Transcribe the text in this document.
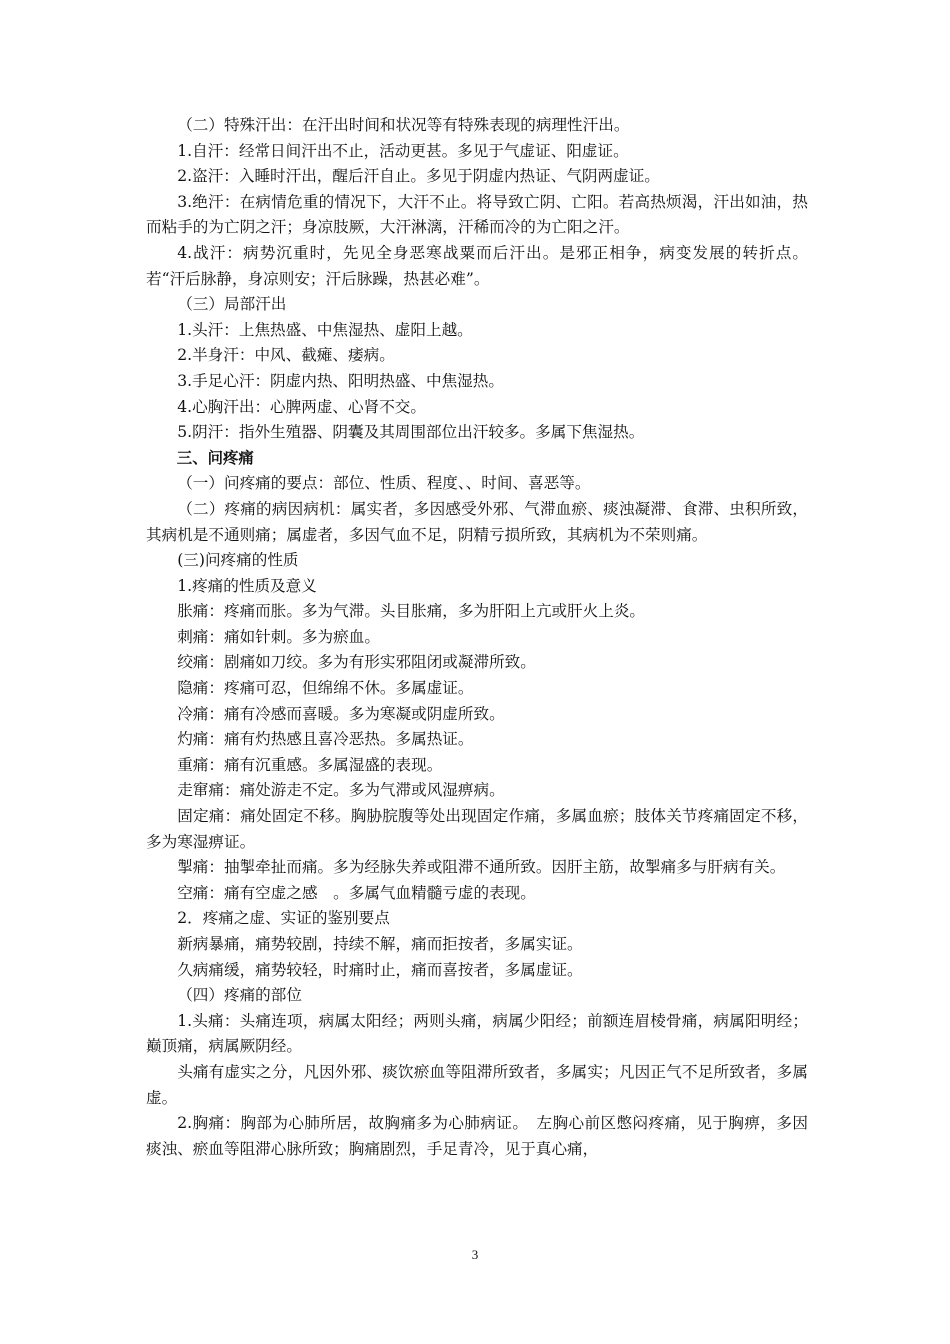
（二）特殊汗出：在汗出时间和状况等有特殊表现的病理性汗出。

1.自汗：经常日间汗出不止，活动更甚。多见于气虚证、阳虚证。

2.盗汗：入睡时汗出，醒后汗自止。多见于阴虚内热证、气阴两虚证。

3.绝汗：在病情危重的情况下，大汗不止。将导致亡阴、亡阳。若高热烦渴，汗出如油，热而粘手的为亡阴之汗；身凉肢厥，大汗淋漓，汗稀而冷的为亡阳之汗。

4.战汗：病势沉重时，先见全身恶寒战粟而后汗出。是邪正相争，病变发展的转折点。若“汗后脉静，身凉则安；汗后脉躁，热甚必难”。

（三）局部汗出

1.头汗：上焦热盛、中焦湿热、虚阳上越。

2.半身汗：中风、截瘫、痿病。

3.手足心汗：阴虚内热、阳明热盛、中焦湿热。

4.心胸汗出：心脾两虚、心肾不交。

5.阴汗：指外生殖器、阴囊及其周围部位出汗较多。多属下焦湿热。

三、问疼痛

（一）问疼痛的要点：部位、性质、程度、、时间、喜恶等。

（二）疼痛的病因病机：属实者，多因感受外邪、气滞血瘀、痰浊凝滞、食滞、虫积所致，其病机是不通则痛；属虚者，多因气血不足，阴精亏损所致，其病机为不荣则痛。

(三)问疼痛的性质

1.疼痛的性质及意义

胀痛：疼痛而胀。多为气滞。头目胀痛，多为肝阳上亢或肝火上炎。

刺痛：痛如针刺。多为瘀血。

绞痛：剧痛如刀绞。多为有形实邪阻闭或凝滞所致。

隐痛：疼痛可忍，但绵绵不休。多属虚证。

冷痛：痛有冷感而喜暖。多为寒凝或阴虚所致。

灼痛：痛有灼热感且喜冷恶热。多属热证。

重痛：痛有沉重感。多属湿盛的表现。

走窜痛：痛处游走不定。多为气滞或风湿痹病。

固定痛：痛处固定不移。胸胁脘腹等处出现固定作痛，多属血瘀；肢体关节疼痛固定不移，多为寒湿痹证。

掣痛：抽掣牵扯而痛。多为经脉失养或阻滞不通所致。因肝主筋，故掣痛多与肝病有关。

空痛：痛有空虚之感　。多属气血精髓亏虚的表现。

2．疼痛之虚、实证的鉴别要点

新病暴痛，痛势较剧，持续不解，痛而拒按者，多属实证。

久病痛缓，痛势较轻，时痛时止，痛而喜按者，多属虚证。

（四）疼痛的部位

1.头痛：头痛连项，病属太阳经；两则头痛，病属少阳经；前额连眉棱骨痛，病属阳明经；巅顶痛，病属厥阴经。

头痛有虚实之分，凡因外邪、痰饮瘀血等阻滞所致者，多属实；凡因正气不足所致者，多属虚。

2.胸痛：胸部为心肺所居，故胸痛多为心肺病证。　左胸心前区憋闷疼痛，见于胸痹，多因痰浊、瘀血等阻滞心脉所致；胸痛剧烈，手足青冷，见于真心痛，

3
